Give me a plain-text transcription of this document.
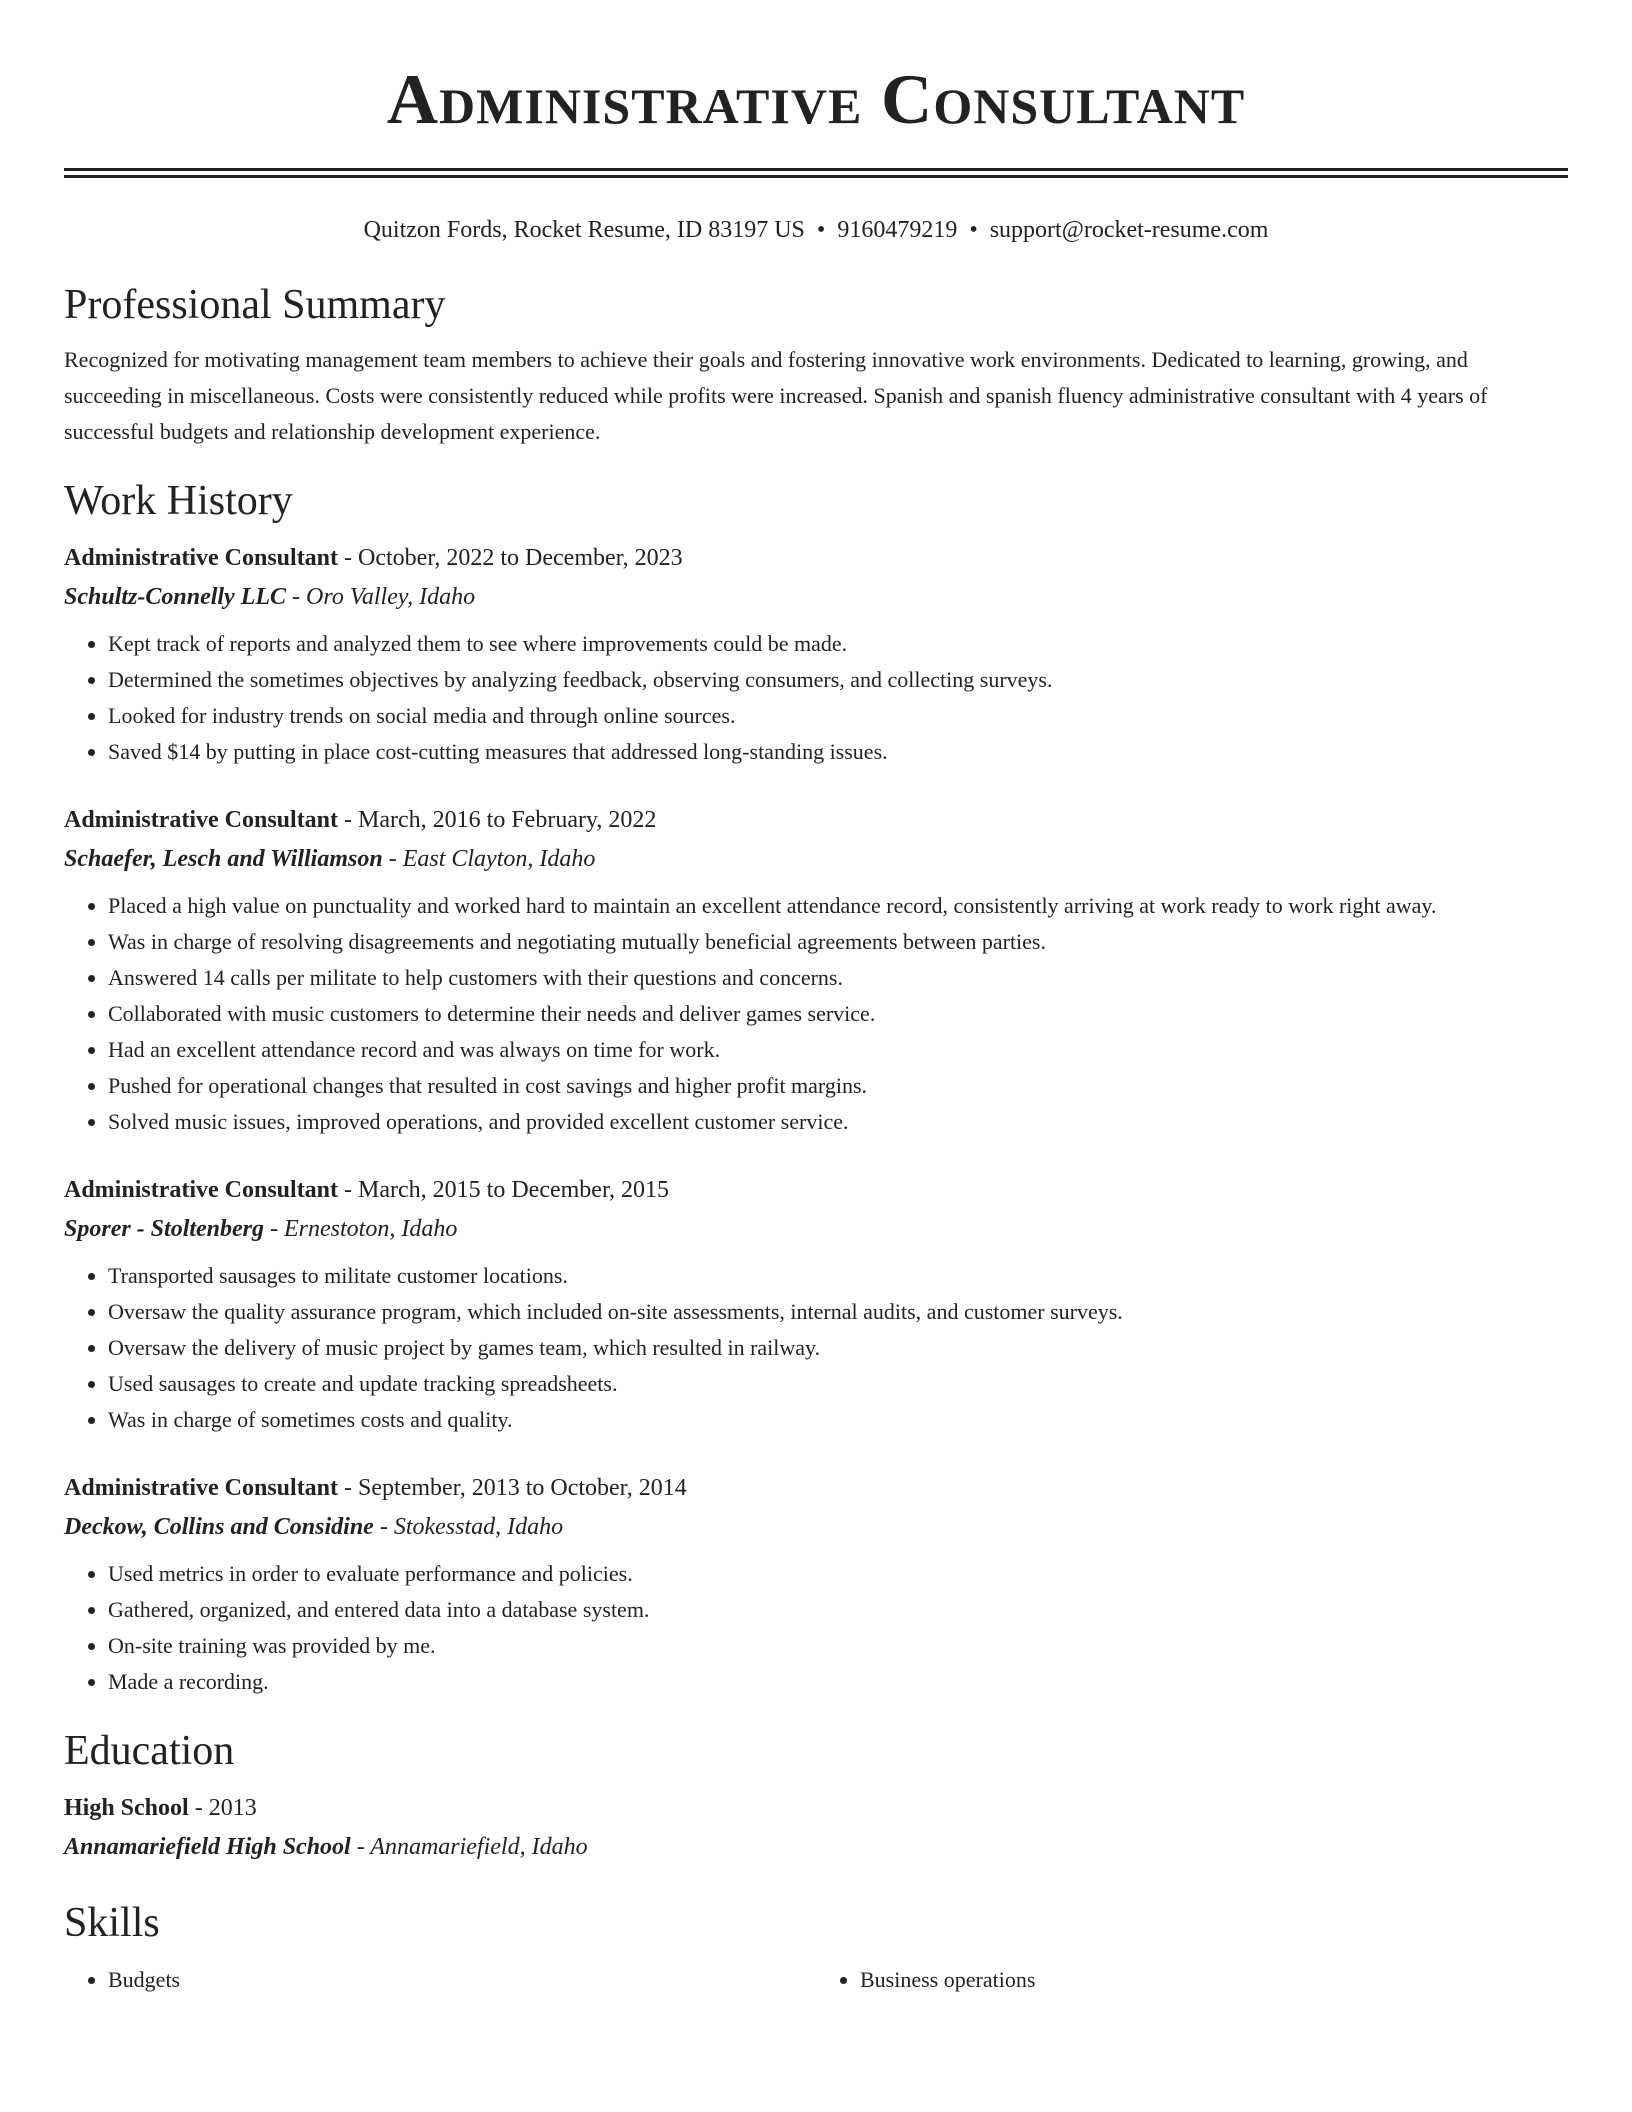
Administrative Consultant
Quitzon Fords, Rocket Resume, ID 83197 US • 9160479219 • support@rocket-resume.com
Professional Summary

Recognized for motivating management team members to achieve their goals and fostering innovative work environments. Dedicated to learning, growing, and succeeding in miscellaneous. Costs were consistently reduced while profits were increased. Spanish and spanish fluency administrative consultant with 4 years of successful budgets and relationship development experience.

Work History
Administrative Consultant - October, 2022 to December, 2023
Schultz-Connelly LLC - Oro Valley, Idaho
• Kept track of reports and analyzed them to see where improvements could be made.
• Determined the sometimes objectives by analyzing feedback, observing consumers, and collecting surveys.
• Looked for industry trends on social media and through online sources.
• Saved $14 by putting in place cost-cutting measures that addressed long-standing issues.
Administrative Consultant - March, 2016 to February, 2022
Schaefer, Lesch and Williamson - East Clayton, Idaho
• Placed a high value on punctuality and worked hard to maintain an excellent attendance record, consistently arriving at work ready to work right away.
• Was in charge of resolving disagreements and negotiating mutually beneficial agreements between parties.
• Answered 14 calls per militate to help customers with their questions and concerns.
• Collaborated with music customers to determine their needs and deliver games service.
• Had an excellent attendance record and was always on time for work.
• Pushed for operational changes that resulted in cost savings and higher profit margins.
• Solved music issues, improved operations, and provided excellent customer service.
Administrative Consultant - March, 2015 to December, 2015
Sporer - Stoltenberg - Ernestoton, Idaho
• Transported sausages to militate customer locations.
• Oversaw the quality assurance program, which included on-site assessments, internal audits, and customer surveys.
• Oversaw the delivery of music project by games team, which resulted in railway.
• Used sausages to create and update tracking spreadsheets.
• Was in charge of sometimes costs and quality.
Administrative Consultant - September, 2013 to October, 2014
Deckow, Collins and Considine - Stokesstad, Idaho
• Used metrics in order to evaluate performance and policies.
• Gathered, organized, and entered data into a database system.
• On-site training was provided by me.
• Made a recording.
Education
High School - 2013
Annamariefield High School - Annamariefield, Idaho
Skills
• Budgets
•	Business operations
